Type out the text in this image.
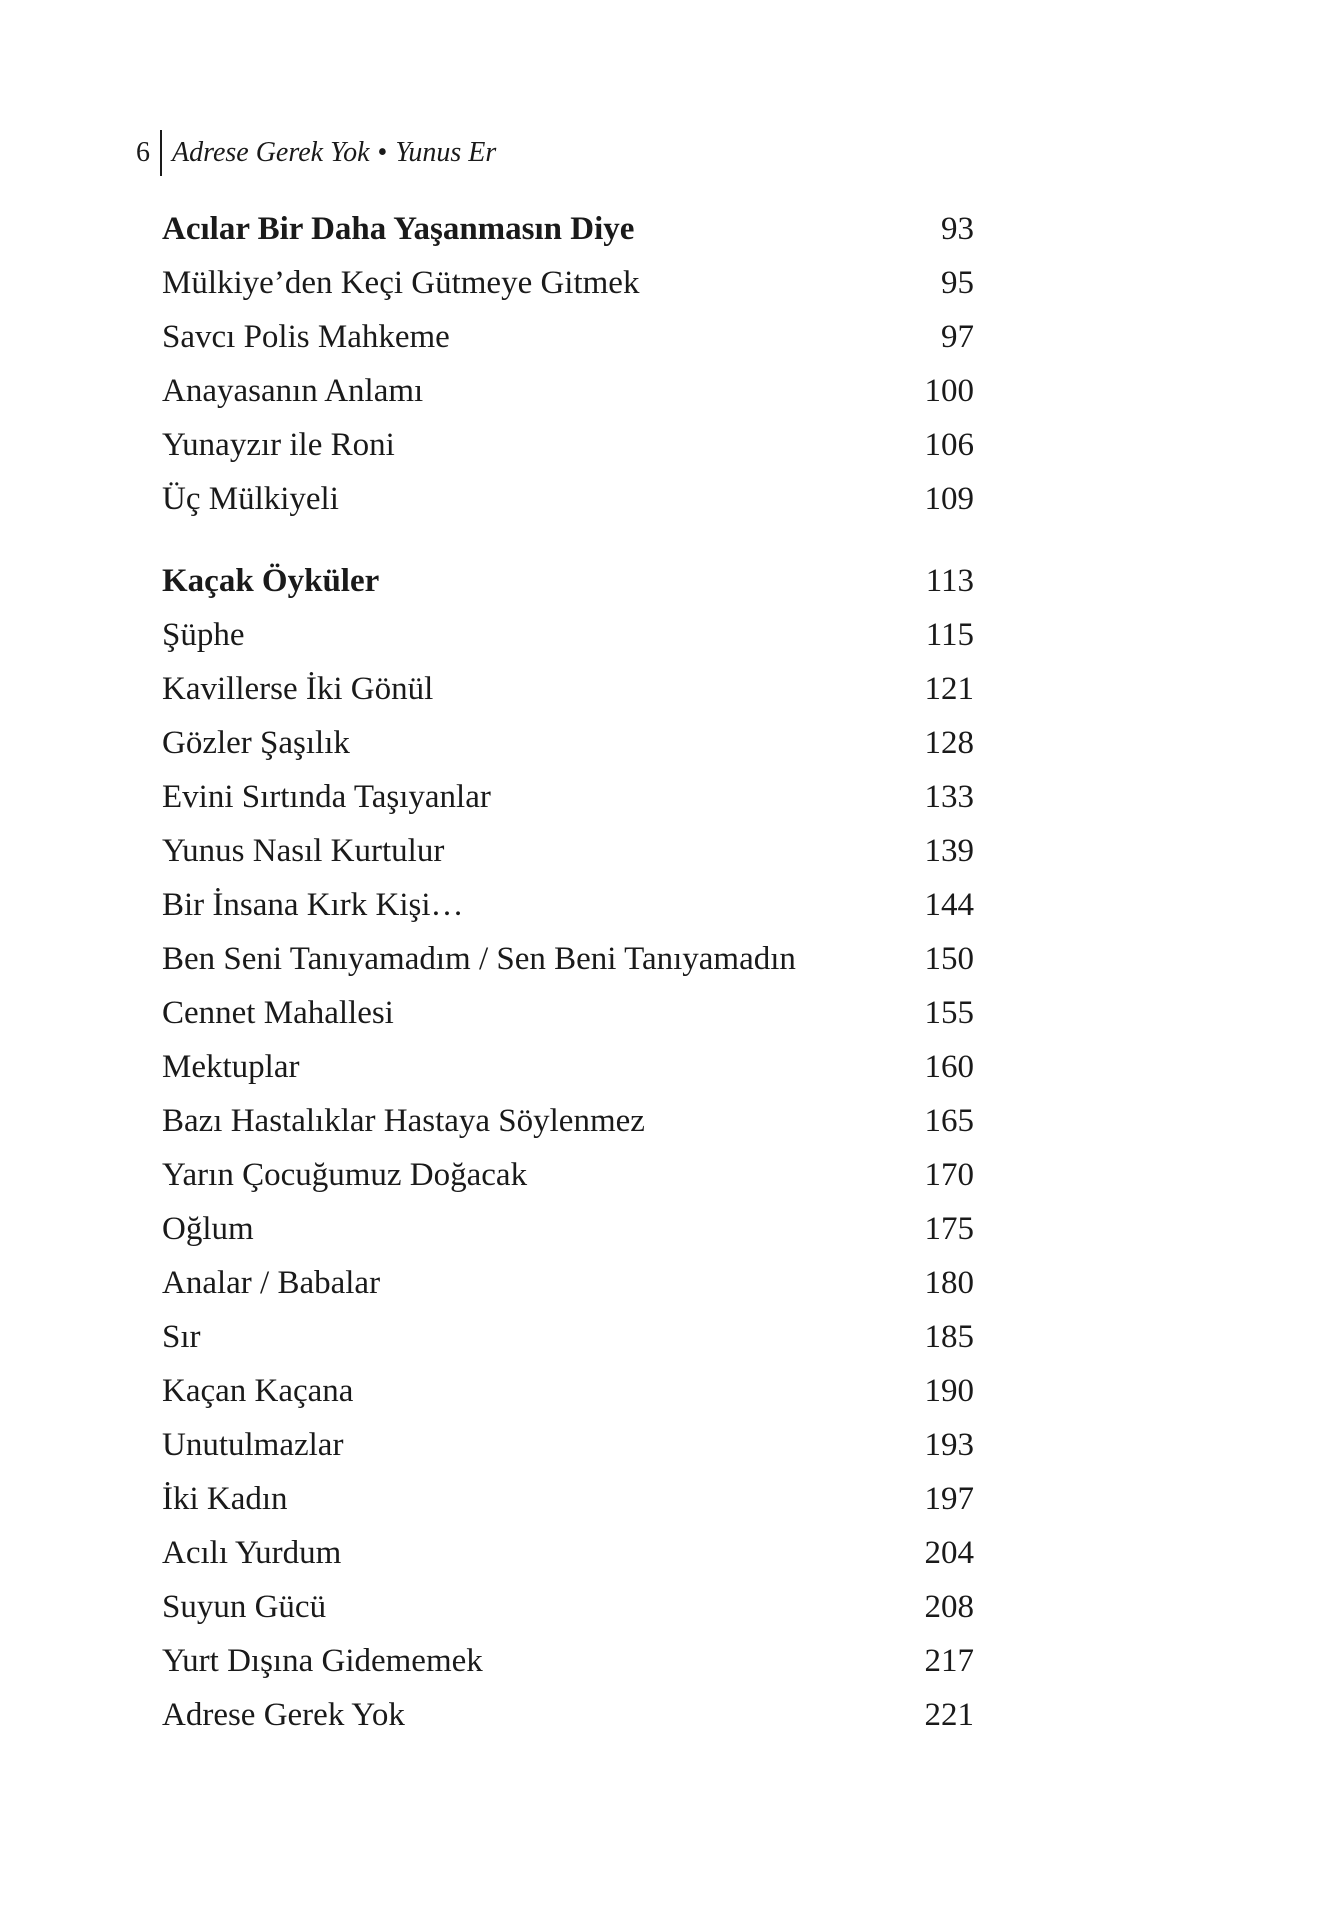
6 Adrese Gerek Yok • Yunus Er
Acılar Bir Daha Yaşanmasın Diye	93
Mülkiye’den Keçi Gütmeye Gitmek	95
Savcı Polis Mahkeme	97
Anayasanın Anlamı	100
Yunayzır ile Roni	106
Üç Mülkiyeli	109
Kaçak Öyküler	113
Şüphe	115
Kavillerse İki Gönül	121
Gözler Şaşılık	128
Evini Sırtında Taşıyanlar	133
Yunus Nasıl Kurtulur	139
Bir İnsana Kırk Kişi…	144
Ben Seni Tanıyamadım / Sen Beni Tanıyamadın	150
Cennet Mahallesi	155
Mektuplar	160
Bazı Hastalıklar Hastaya Söylenmez	165
Yarın Çocuğumuz Doğacak	170
Oğlum	175
Analar / Babalar	180
Sır	185
Kaçan Kaçana	190
Unutulmazlar	193
İki Kadın	197
Acılı Yurdum	204
Suyun Gücü	208
Yurt Dışına Gidememek	217
Adrese Gerek Yok	221
